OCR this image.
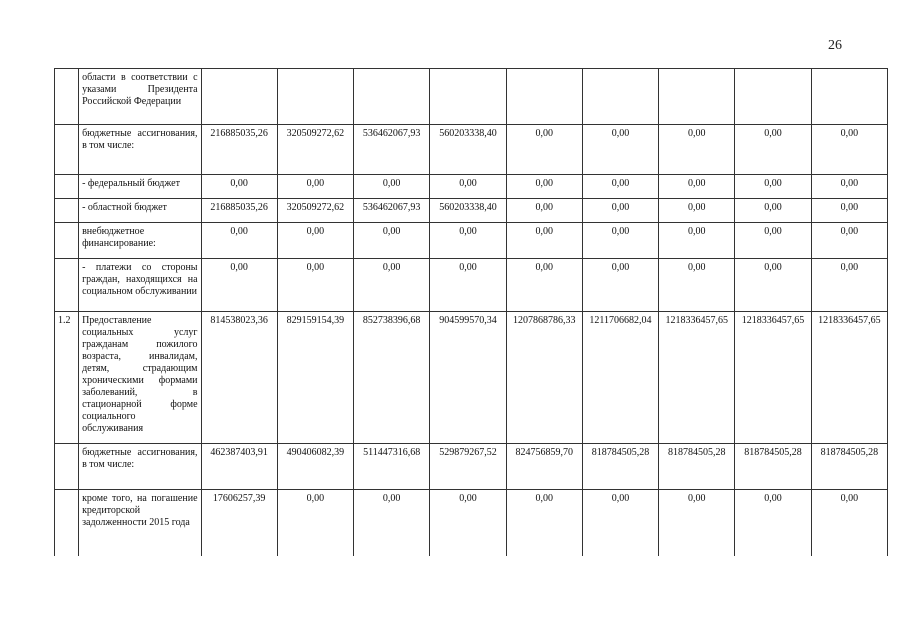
26
	области в соответствии с указами Президента Российской Федерации									
	бюджетные ассигнования, в том числе:	216885035,26	320509272,62	536462067,93	560203338,40	0,00	0,00	0,00	0,00	0,00
	- федеральный бюджет	0,00	0,00	0,00	0,00	0,00	0,00	0,00	0,00	0,00
	- областной бюджет	216885035,26	320509272,62	536462067,93	560203338,40	0,00	0,00	0,00	0,00	0,00
	внебюджетное финансирование:	0,00	0,00	0,00	0,00	0,00	0,00	0,00	0,00	0,00
	- платежи со стороны граждан, находящихся на социальном обслуживании	0,00	0,00	0,00	0,00	0,00	0,00	0,00	0,00	0,00
1.2	Предоставление социальных услуг гражданам пожилого возраста, инвалидам, детям, страдающим хроническими формами заболеваний, в стационарной форме социального обслуживания	814538023,36	829159154,39	852738396,68	904599570,34	1207868786,33	1211706682,04	1218336457,65	1218336457,65	1218336457,65
	бюджетные ассигнования, в том числе:	462387403,91	490406082,39	511447316,68	529879267,52	824756859,70	818784505,28	818784505,28	818784505,28	818784505,28
	кроме того, на погашение кредиторской задолженности 2015 года	17606257,39	0,00	0,00	0,00	0,00	0,00	0,00	0,00	0,00
